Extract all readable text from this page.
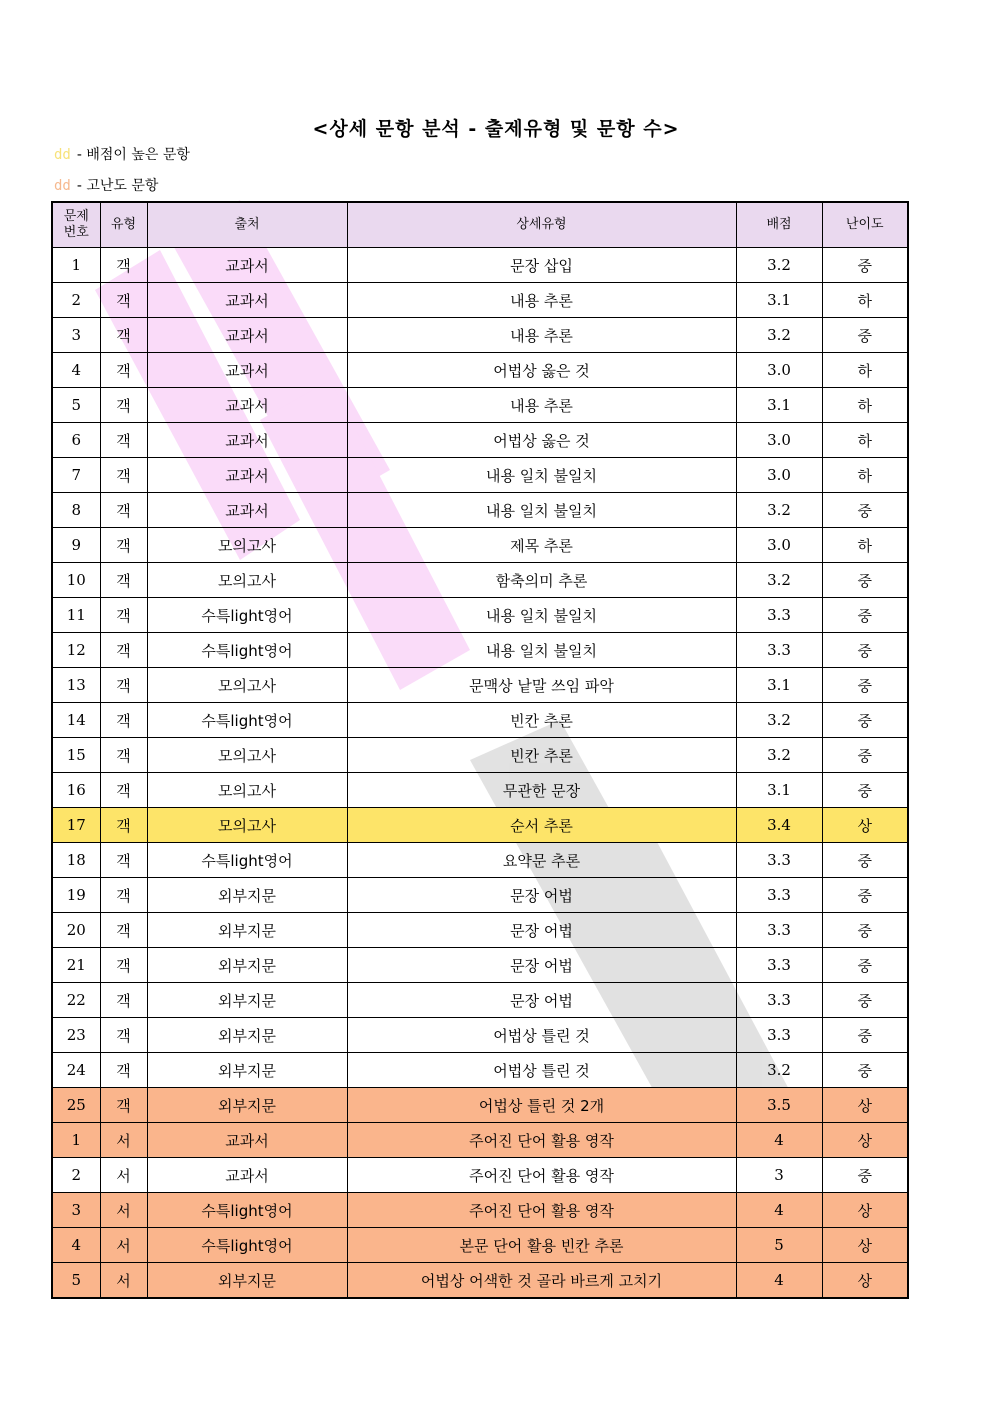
<상세 문항 분석 - 출제유형 및 문항 수>
dd - 배점이 높은 문항
dd - 고난도 문항
문제
번호	유형	출처	상세유형	배점	난이도
1	객	교과서	문장 삽입	3.2	중
2	객	교과서	내용 추론	3.1	하
3	객	교과서	내용 추론	3.2	중
4	객	교과서	어법상 옳은 것	3.0	하
5	객	교과서	내용 추론	3.1	하
6	객	교과서	어법상 옳은 것	3.0	하
7	객	교과서	내용 일치 불일치	3.0	하
8	객	교과서	내용 일치 불일치	3.2	중
9	객	모의고사	제목 추론	3.0	하
10	객	모의고사	함축의미 추론	3.2	중
11	객	수특light영어	내용 일치 불일치	3.3	중
12	객	수특light영어	내용 일치 불일치	3.3	중
13	객	모의고사	문맥상 낱말 쓰임 파악	3.1	중
14	객	수특light영어	빈칸 추론	3.2	중
15	객	모의고사	빈칸 추론	3.2	중
16	객	모의고사	무관한 문장	3.1	중
17	객	모의고사	순서 추론	3.4	상
18	객	수특light영어	요약문 추론	3.3	중
19	객	외부지문	문장 어법	3.3	중
20	객	외부지문	문장 어법	3.3	중
21	객	외부지문	문장 어법	3.3	중
22	객	외부지문	문장 어법	3.3	중
23	객	외부지문	어법상 틀린 것	3.3	중
24	객	외부지문	어법상 틀린 것	3.2	중
25	객	외부지문	어법상 틀린 것 2개	3.5	상
1	서	교과서	주어진 단어 활용 영작	4	상
2	서	교과서	주어진 단어 활용 영작	3	중
3	서	수특light영어	주어진 단어 활용 영작	4	상
4	서	수특light영어	본문 단어 활용 빈칸 추론	5	상
5	서	외부지문	어법상 어색한 것 골라 바르게 고치기	4	상
